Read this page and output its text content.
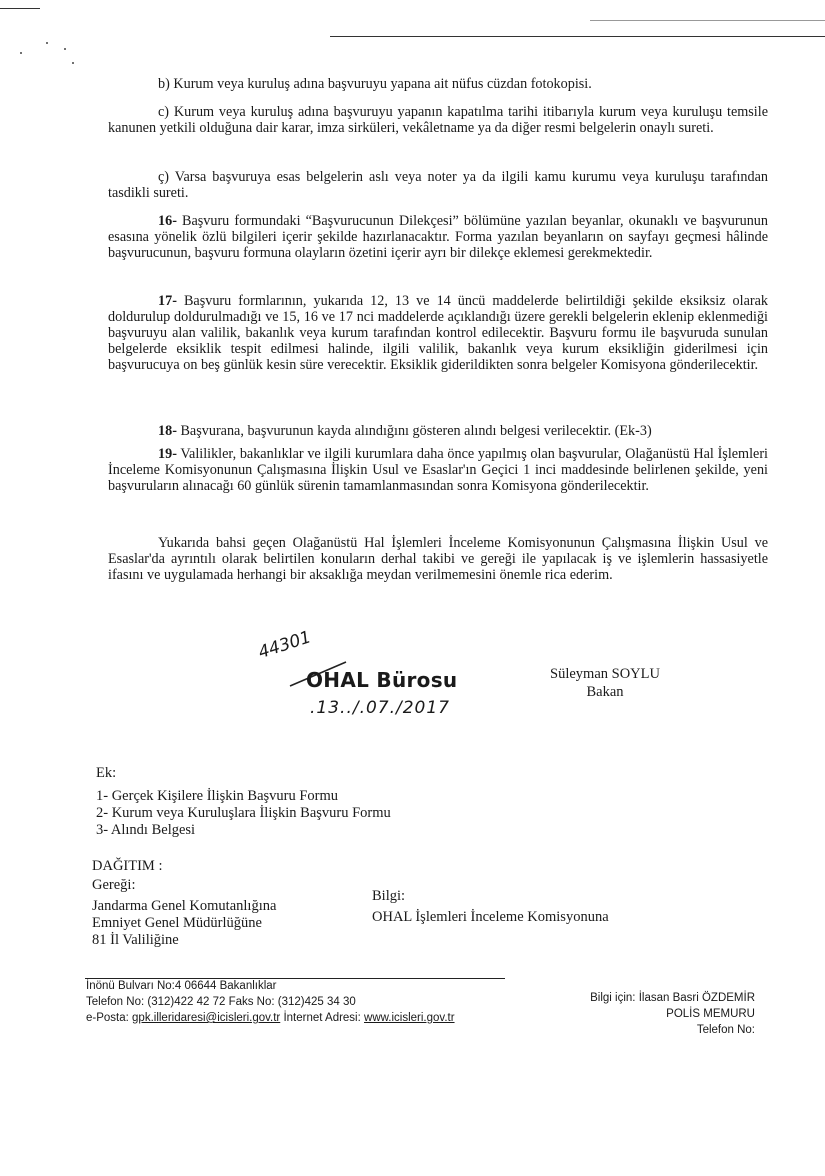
b) Kurum veya kuruluş adına başvuruyu yapana ait nüfus cüzdan fotokopisi.

c) Kurum veya kuruluş adına başvuruyu yapanın kapatılma tarihi itibarıyla kurum veya kuruluşu temsile kanunen yetkili olduğuna dair karar, imza sirküleri, vekâletname ya da diğer resmi belgelerin onaylı sureti.

ç) Varsa başvuruya esas belgelerin aslı veya noter ya da ilgili kamu kurumu veya kuruluşu tarafından tasdikli sureti.

16- Başvuru formundaki “Başvurucunun Dilekçesi” bölümüne yazılan beyanlar, okunaklı ve başvurunun esasına yönelik özlü bilgileri içerir şekilde hazırlanacaktır. Forma yazılan beyanların on sayfayı geçmesi hâlinde başvurucunun, başvuru formuna olayların özetini içerir ayrı bir dilekçe eklemesi gerekmektedir.

17- Başvuru formlarının, yukarıda 12, 13 ve 14 üncü maddelerde belirtildiği şekilde eksiksiz olarak doldurulup doldurulmadığı ve 15, 16 ve 17 nci maddelerde açıklandığı üzere gerekli belgelerin eklenip eklenmediği başvuruyu alan valilik, bakanlık veya kurum tarafından kontrol edilecektir. Başvuru formu ile başvuruda sunulan belgelerde eksiklik tespit edilmesi halinde, ilgili valilik, bakanlık veya kurum eksikliğin giderilmesi için başvurucuya on beş günlük kesin süre verecektir. Eksiklik giderildikten sonra belgeler Komisyona gönderilecektir.

18- Başvurana, başvurunun kayda alındığını gösteren alındı belgesi verilecektir. (Ek-3)

19- Valilikler, bakanlıklar ve ilgili kurumlara daha önce yapılmış olan başvurular, Olağanüstü Hal İşlemleri İnceleme Komisyonunun Çalışmasına İlişkin Usul ve Esaslar'ın Geçici 1 inci maddesinde belirlenen şekilde, yeni başvuruların alınacağı 60 günlük sürenin tamamlanmasından sonra Komisyona gönderilecektir.

Yukarıda bahsi geçen Olağanüstü Hal İşlemleri İnceleme Komisyonunun Çalışmasına İlişkin Usul ve Esaslar'da ayrıntılı olarak belirtilen konuların derhal takibi ve gereği ile yapılacak iş ve işlemlerin hassasiyetle ifasını ve uygulamada herhangi bir aksaklığa meydan verilmemesini önemle rica ederim.

44301
OHAL Bürosu
.13../.07./2017
Süleyman SOYLU
Bakan
Ek:
1- Gerçek Kişilere İlişkin Başvuru Formu
2- Kurum veya Kuruluşlara İlişkin Başvuru Formu
3- Alındı Belgesi
DAĞITIM :
Gereği:
Jandarma Genel Komutanlığına
Emniyet Genel Müdürlüğüne
81 İl Valiliğine
Bilgi:
OHAL İşlemleri İnceleme Komisyonuna
İnönü Bulvarı No:4 06644 Bakanlıklar
Telefon No: (312)422 42 72 Faks No: (312)425 34 30
e-Posta: gpk.illeridaresi@icisleri.gov.tr İnternet Adresi: www.icisleri.gov.tr
Bilgi için: İlasan Basri ÖZDEMİR
POLİS MEMURU
Telefon No:
